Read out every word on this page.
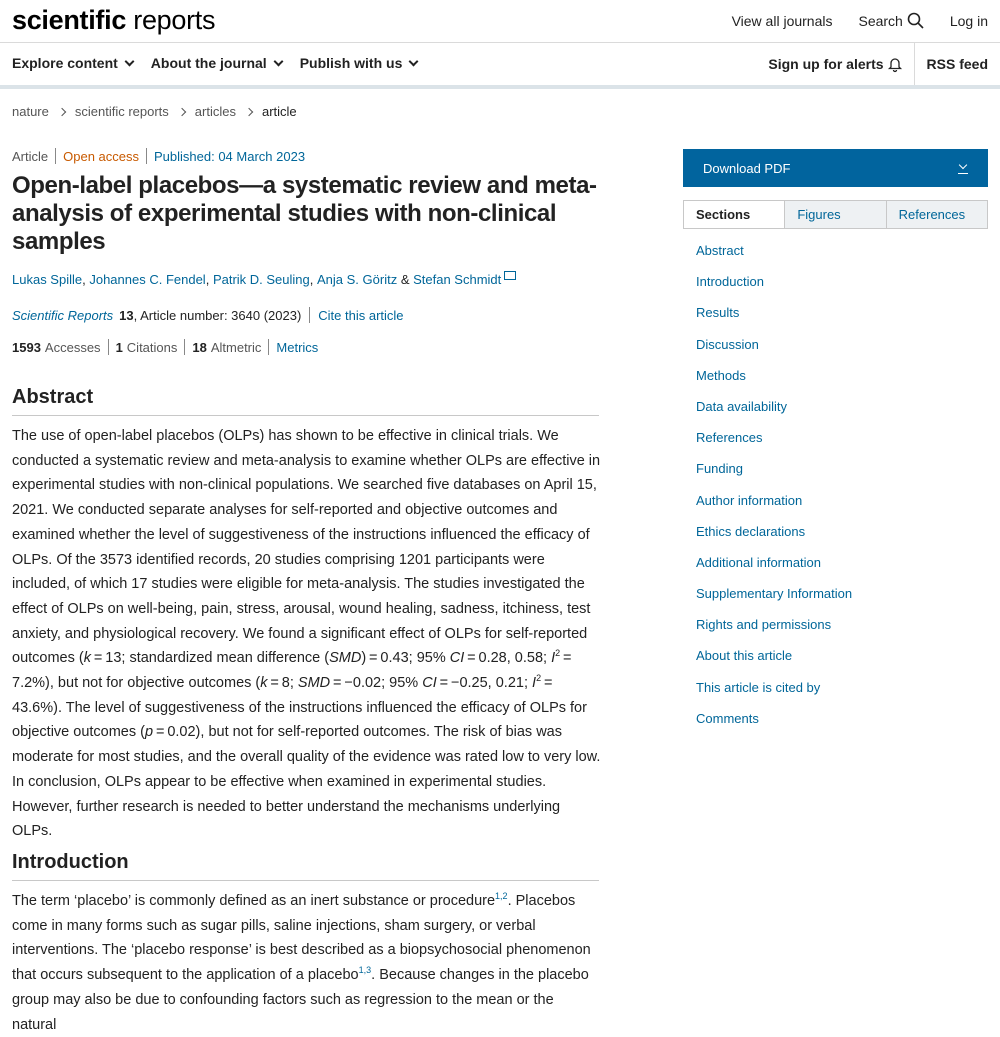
scientific reports	View all journals Search	Log in
Explore content About the journal Publish with us	Sign up for alerts	RSS feed
nature scientific reports articles article
Article Open access Published: 04 March 2023
Open-label placebos—a systematic review and meta-analysis of experimental studies with non-clinical samples
Lukas Spille , Johannes C. Fendel , Patrik D. Seuling , Anja S. Göritz & Stefan Schmidt
Scientific Reports 13 , Article number: 3640 (2023) Cite this article
1593 Accesses 1 Citations 18 Altmetric Metrics
Abstract

The use of open-label placebos (OLPs) has shown to be effective in clinical trials. We conducted a systematic review and meta-analysis to examine whether OLPs are effective in experimental studies with non-clinical populations. We searched five databases on April 15, 2021. We conducted separate analyses for self-reported and objective outcomes and examined whether the level of suggestiveness of the instructions influenced the efficacy of OLPs. Of the 3573 identified records, 20 studies comprising 1201 participants were included, of which 17 studies were eligible for meta-analysis. The studies investigated the effect of OLPs on well-being, pain, stress, arousal, wound healing, sadness, itchiness, test anxiety, and physiological recovery. We found a significant effect of OLPs for self-reported outcomes (k = 13; standardized mean difference (SMD) = 0.43; 95% CI = 0.28, 0.58; $I^2 = 7.2\%$), but not for objective outcomes (k = 8; SMD = −0.02; 95% CI = −0.25, 0.21; $I^2 = 43.6\%$). The level of suggestiveness of the instructions influenced the efficacy of OLPs for objective outcomes (p = 0.02), but not for self-reported outcomes. The risk of bias was moderate for most studies, and the overall quality of the evidence was rated low to very low. In conclusion, OLPs appear to be effective when examined in experimental studies. However, further research is needed to better understand the mechanisms underlying OLPs.

Introduction

The term ‘placebo’ is commonly defined as an inert substance or procedure$^{1,2}$. Placebos come in many forms such as sugar pills, saline injections, sham surgery, or verbal interventions. The ‘placebo response’ is best described as a biopsychosocial phenomenon that occurs subsequent to the application of a placebo$^{1,3}$. Because changes in the placebo group may also be due to confounding factors such as regression to the mean or the natural

Download PDF
Sections	Figures	References
Abstract
Introduction
Results
Discussion
Methods
Data availability
References
Funding
Author information
Ethics declarations
Additional information
Supplementary Information
Rights and permissions
About this article
This article is cited by
Comments
